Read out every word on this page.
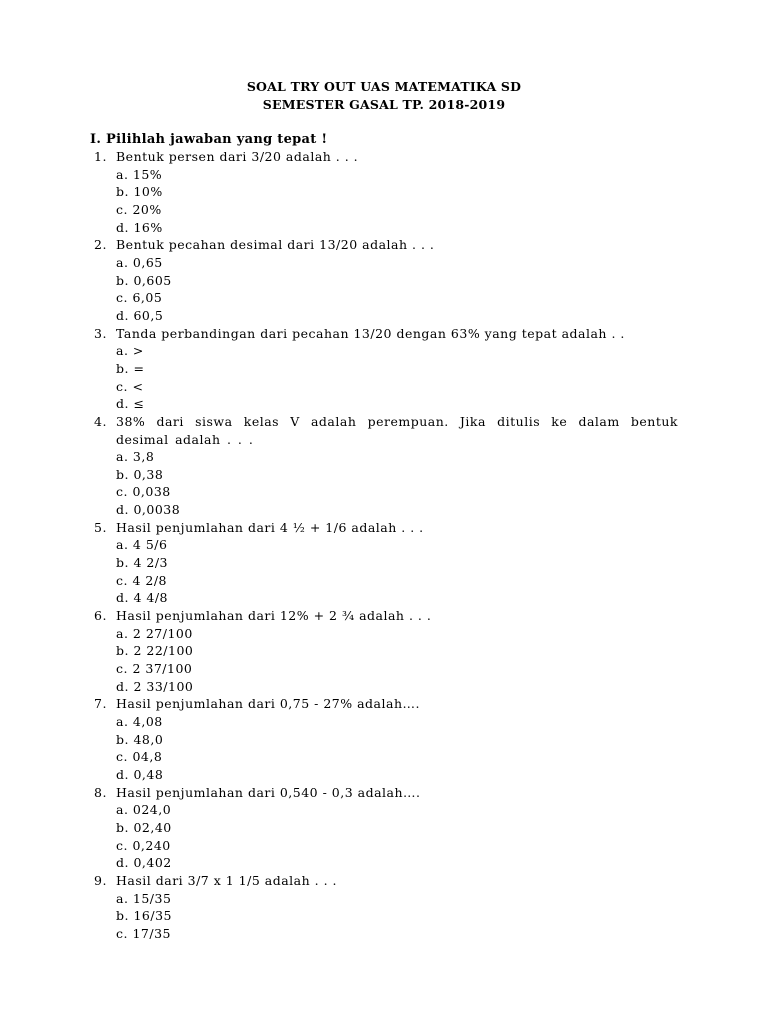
SOAL TRY OUT UAS MATEMATIKA SD
SEMESTER GASAL TP. 2018-2019
I. Pilihlah jawaban yang tepat !
1. Bentuk persen dari 3/20 adalah . . .
a. 15%
b. 10%
c. 20%
d. 16%
2. Bentuk pecahan desimal dari 13/20 adalah . . .
a. 0,65
b. 0,605
c. 6,05
d. 60,5
3. Tanda perbandingan dari pecahan 13/20 dengan 63% yang tepat adalah . .
a. >
b. =
c. <
d. ≤
4. 38% dari siswa kelas V adalah perempuan. Jika ditulis ke dalam bentuk desimal adalah . . .
a. 3,8
b. 0,38
c. 0,038
d. 0,0038
5. Hasil penjumlahan dari 4 ½ + 1/6 adalah . . .
a. 4 5/6
b. 4 2/3
c. 4 2/8
d. 4 4/8
6. Hasil penjumlahan dari 12% + 2 ¾ adalah . . .
a. 2 27/100
b. 2 22/100
c. 2 37/100
d. 2 33/100
7. Hasil penjumlahan dari 0,75 - 27% adalah….
a. 4,08
b. 48,0
c. 04,8
d. 0,48
8. Hasil penjumlahan dari 0,540 - 0,3 adalah….
a. 024,0
b. 02,40
c. 0,240
d. 0,402
9. Hasil dari 3/7 x 1 1/5 adalah . . .
a. 15/35
b. 16/35
c. 17/35
